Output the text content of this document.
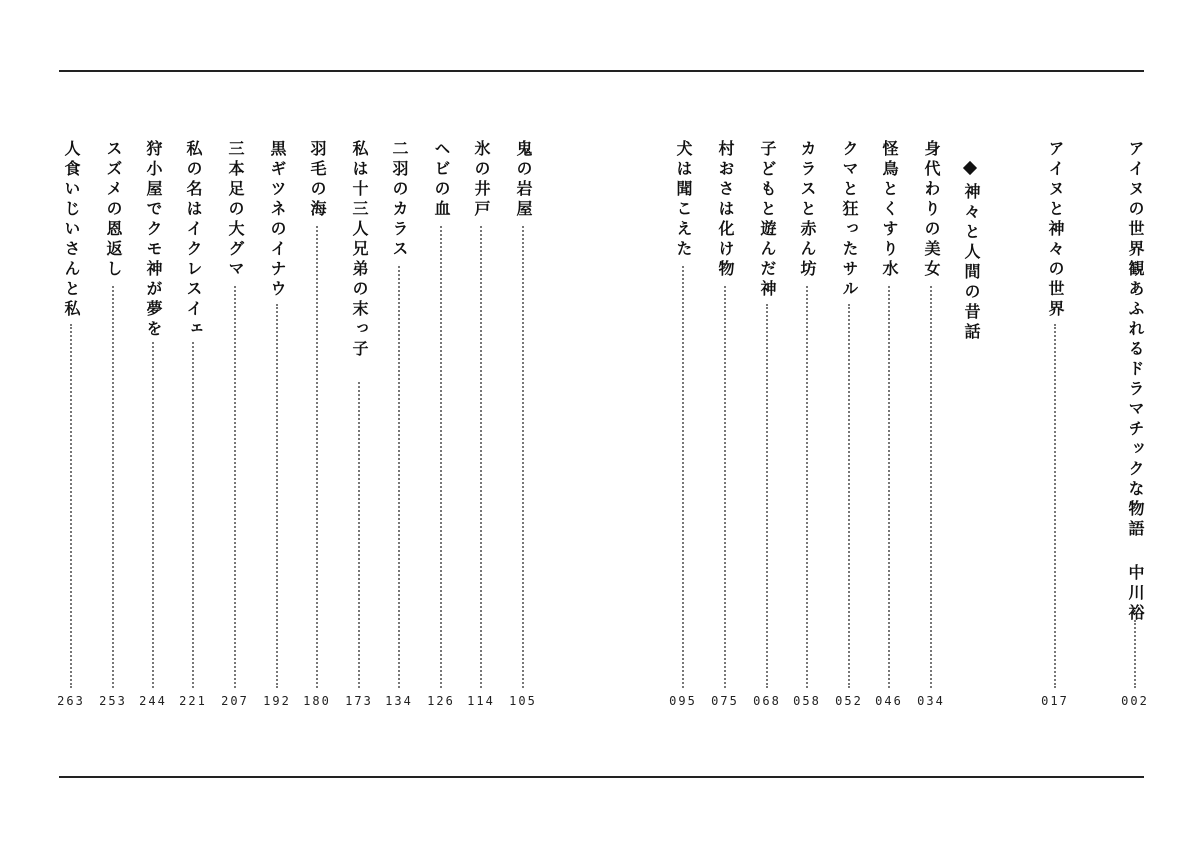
アイヌの世界観あふれるドラマチックな物語
中川裕
002
アイヌと神々の世界
017
神々と人間の昔話
身代わりの美女
034
怪鳥とくすり水
046
クマと狂ったサル
052
カラスと赤ん坊
058
子どもと遊んだ神
068
村おさは化け物
075
犬は聞こえた
095
鬼の岩屋
105
氷の井戸
114
ヘビの血
126
二羽のカラス
134
私は十三人兄弟の末っ子
173
羽毛の海
180
黒ギツネのイナウ
192
三本足の大グマ
207
私の名はイクレスイェ
221
狩小屋でクモ神が夢を
244
スズメの恩返し
253
人食いじいさんと私
263
